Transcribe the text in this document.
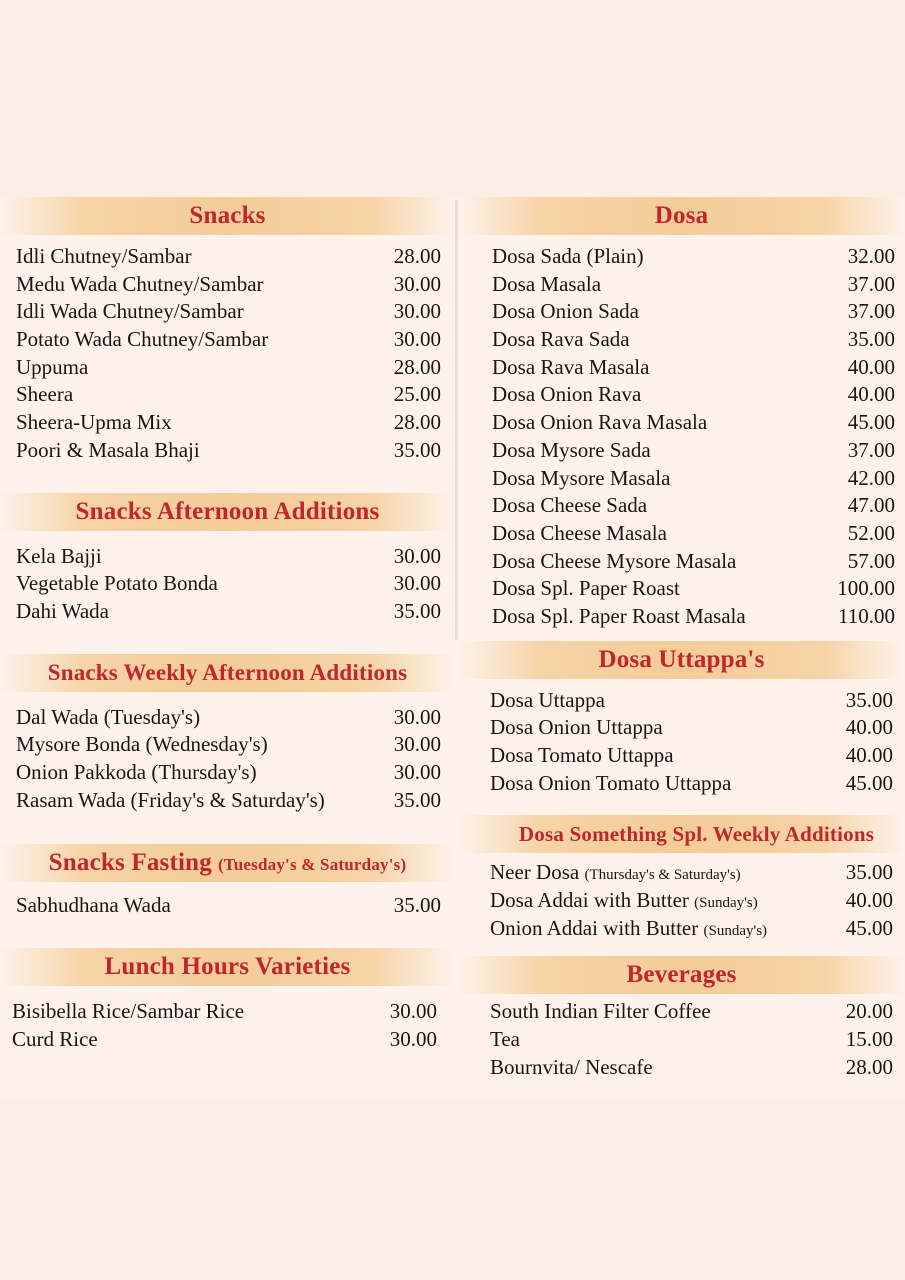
Snacks
Idli Chutney/Sambar	28.00
Medu Wada Chutney/Sambar	30.00
Idli Wada Chutney/Sambar	30.00
Potato Wada Chutney/Sambar	30.00
Uppuma	28.00
Sheera	25.00
Sheera-Upma Mix	28.00
Poori & Masala Bhaji	35.00
Snacks Afternoon Additions
Kela Bajji	30.00
Vegetable Potato Bonda	30.00
Dahi Wada	35.00
Snacks Weekly Afternoon Additions
Dal Wada (Tuesday's)	30.00
Mysore Bonda (Wednesday's)	30.00
Onion Pakkoda (Thursday's)	30.00
Rasam Wada (Friday's & Saturday's)	35.00
Snacks Fasting (Tuesday's & Saturday's)
Sabhudhana Wada	35.00
Lunch Hours Varieties
Bisibella Rice/Sambar Rice	30.00
Curd Rice	30.00
Dosa
Dosa Sada (Plain)	32.00
Dosa Masala	37.00
Dosa Onion Sada	37.00
Dosa Rava Sada	35.00
Dosa Rava Masala	40.00
Dosa Onion Rava	40.00
Dosa Onion Rava Masala	45.00
Dosa Mysore Sada	37.00
Dosa Mysore Masala	42.00
Dosa Cheese Sada	47.00
Dosa Cheese Masala	52.00
Dosa Cheese Mysore Masala	57.00
Dosa Spl. Paper Roast	100.00
Dosa Spl. Paper Roast Masala	110.00
Dosa Uttappa's
Dosa Uttappa	35.00
Dosa Onion Uttappa	40.00
Dosa Tomato Uttappa	40.00
Dosa Onion Tomato Uttappa	45.00
Dosa Something Spl. Weekly Additions
Neer Dosa (Thursday's & Saturday's)	35.00
Dosa Addai with Butter (Sunday's)	40.00
Onion Addai with Butter (Sunday's)	45.00
Beverages
South Indian Filter Coffee	20.00
Tea	15.00
Bournvita/ Nescafe	28.00
